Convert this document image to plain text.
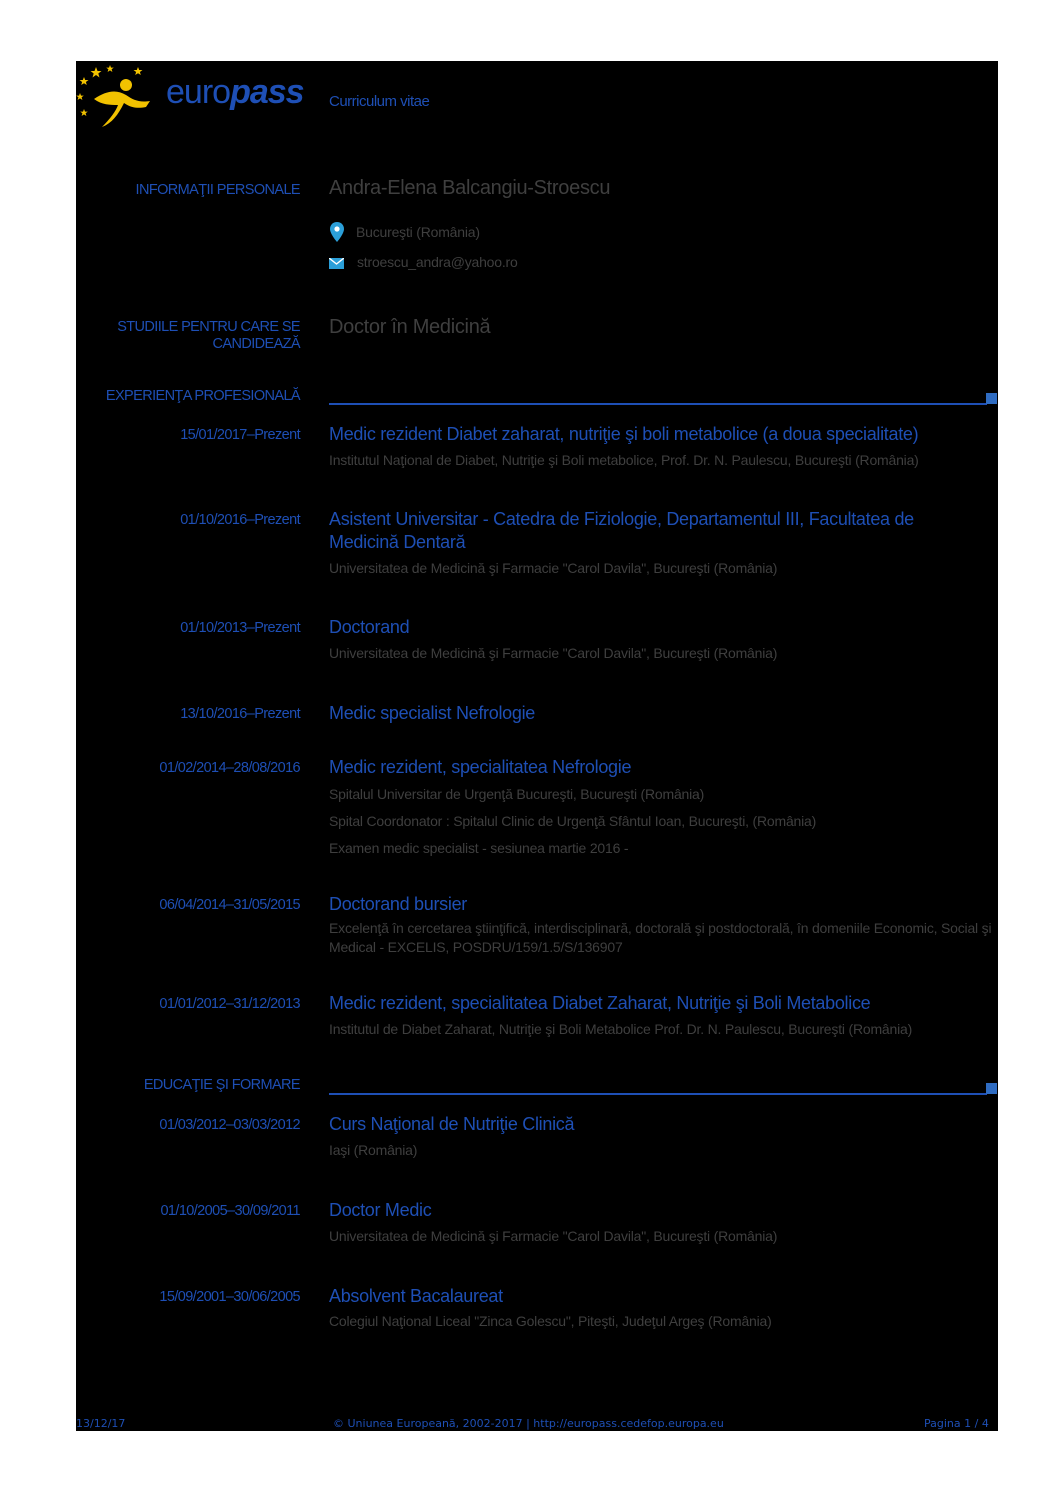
europass Curriculum vitae
INFORMAŢII PERSONALE Andra-Elena Balcangiu-Stroescu
Bucureşti (România)
stroescu_andra@yahoo.ro
STUDIILE PENTRU CARE SE CANDIDEAZĂ
Doctor în Medicină
EXPERIENŢA PROFESIONALĂ
15/01/2017–Prezent Medic rezident Diabet zaharat, nutriţie şi boli metabolice (a doua specialitate)
Institutul Naţional de Diabet, Nutriţie şi Boli metabolice, Prof. Dr. N. Paulescu, Bucureşti (România)
01/10/2016–Prezent Asistent Universitar - Catedra de Fiziologie, Departamentul III, Facultatea de Medicină Dentară
Universitatea de Medicină şi Farmacie "Carol Davila", Bucureşti (România)
01/10/2013–Prezent Doctorand
Universitatea de Medicină şi Farmacie "Carol Davila", Bucureşti (România)
13/10/2016–Prezent Medic specialist Nefrologie
01/02/2014–28/08/2016 Medic rezident, specialitatea Nefrologie
Spitalul Universitar de Urgenţă Bucureşti, Bucureşti (România)
Spital Coordonator : Spitalul Clinic de Urgenţă Sfântul Ioan, Bucureşti, (România)
Examen medic specialist - sesiunea martie 2016 -
06/04/2014–31/05/2015 Doctorand bursier
Excelenţă în cercetarea ştiinţifică, interdisciplinară, doctorală şi postdoctorală, în domeniile Economic, Social şi Medical - EXCELIS, POSDRU/159/1.5/S/136907
01/01/2012–31/12/2013 Medic rezident, specialitatea Diabet Zaharat, Nutriţie şi Boli Metabolice
Institutul de Diabet Zaharat, Nutriţie şi Boli Metabolice Prof. Dr. N. Paulescu, Bucureşti (România)
EDUCAŢIE ŞI FORMARE
01/03/2012–03/03/2012 Curs Naţional de Nutriţie Clinică
Iaşi (România)
01/10/2005–30/09/2011 Doctor Medic
Universitatea de Medicină şi Farmacie "Carol Davila", Bucureşti (România)
15/09/2001–30/06/2005 Absolvent Bacalaureat
Colegiul Naţional Liceal "Zinca Golescu", Piteşti, Judeţul Argeş (România)
13/12/17	© Uniunea Europeană, 2002-2017 | http://europass.cedefop.europa.eu	Pagina 1 / 4
